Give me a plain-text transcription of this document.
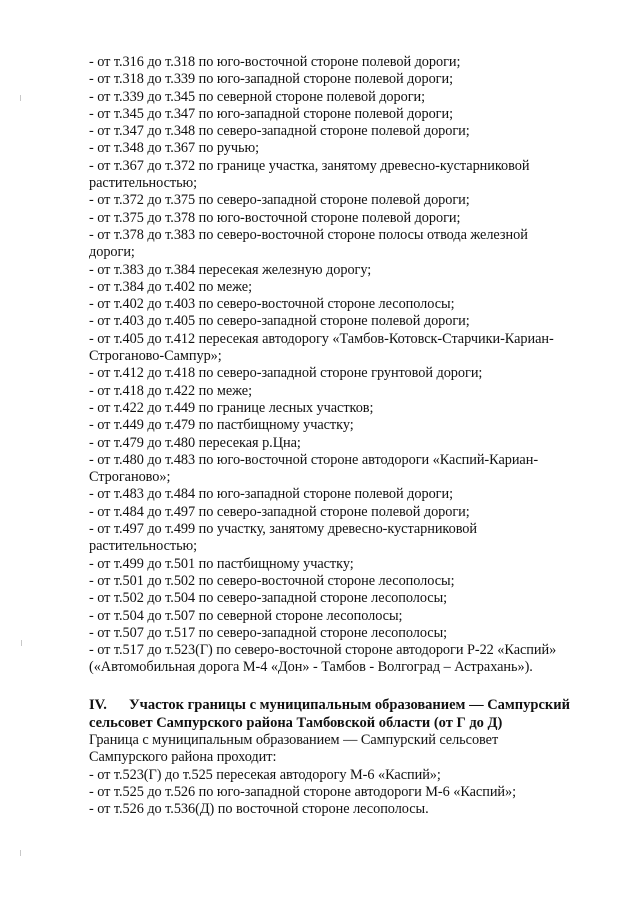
- от т.316 до т.318 по юго-восточной стороне полевой дороги;
- от т.318 до т.339 по юго-западной стороне полевой дороги;
- от т.339 до т.345 по северной стороне полевой дороги;
- от т.345 до т.347 по юго-западной стороне полевой дороги;
- от т.347 до т.348 по северо-западной стороне полевой дороги;
- от т.348 до т.367 по ручью;
- от т.367 до т.372 по границе участка, занятому древесно-кустарниковой
растительностью;
- от т.372 до т.375 по северо-западной стороне полевой дороги;
- от т.375 до т.378 по юго-восточной стороне полевой дороги;
- от т.378 до т.383 по северо-восточной стороне полосы отвода железной
дороги;
- от т.383 до т.384 пересекая железную дорогу;
- от т.384 до т.402 по меже;
- от т.402 до т.403 по северо-восточной стороне лесополосы;
- от т.403 до т.405 по северо-западной стороне полевой дороги;
- от т.405 до т.412 пересекая автодорогу «Тамбов-Котовск-Старчики-Кариан-
Строганово-Сампур»;
- от т.412 до т.418 по северо-западной стороне грунтовой дороги;
- от т.418 до т.422 по меже;
- от т.422 до т.449 по границе лесных участков;
- от т.449 до т.479 по пастбищному участку;
- от т.479 до т.480 пересекая р.Цна;
- от т.480 до т.483 по юго-восточной стороне автодороги «Каспий-Кариан-
Строганово»;
- от т.483 до т.484 по юго-западной стороне полевой дороги;
- от т.484 до т.497 по северо-западной стороне полевой дороги;
- от т.497 до т.499 по участку, занятому древесно-кустарниковой
растительностью;
- от т.499 до т.501 по пастбищному участку;
- от т.501 до т.502 по северо-восточной стороне лесополосы;
- от т.502 до т.504 по северо-западной стороне лесополосы;
- от т.504 до т.507 по северной стороне лесополосы;
- от т.507 до т.517 по северо-западной стороне лесополосы;
- от т.517 до т.523(Г) по северо-восточной стороне автодороги Р-22 «Каспий»
(«Автомобильная дорога М-4 «Дон» - Тамбов - Волгоград – Астрахань»).
IV. Участок границы с муниципальным образованием — Сампурский
сельсовет Сампурского района Тамбовской области (от Г до Д)
Граница с муниципальным образованием — Сампурский сельсовет
Сампурского района проходит:
- от т.523(Г) до т.525 пересекая автодорогу М-6 «Каспий»;
- от т.525 до т.526 по юго-западной стороне автодороги М-6 «Каспий»;
- от т.526 до т.536(Д) по восточной стороне лесополосы.
